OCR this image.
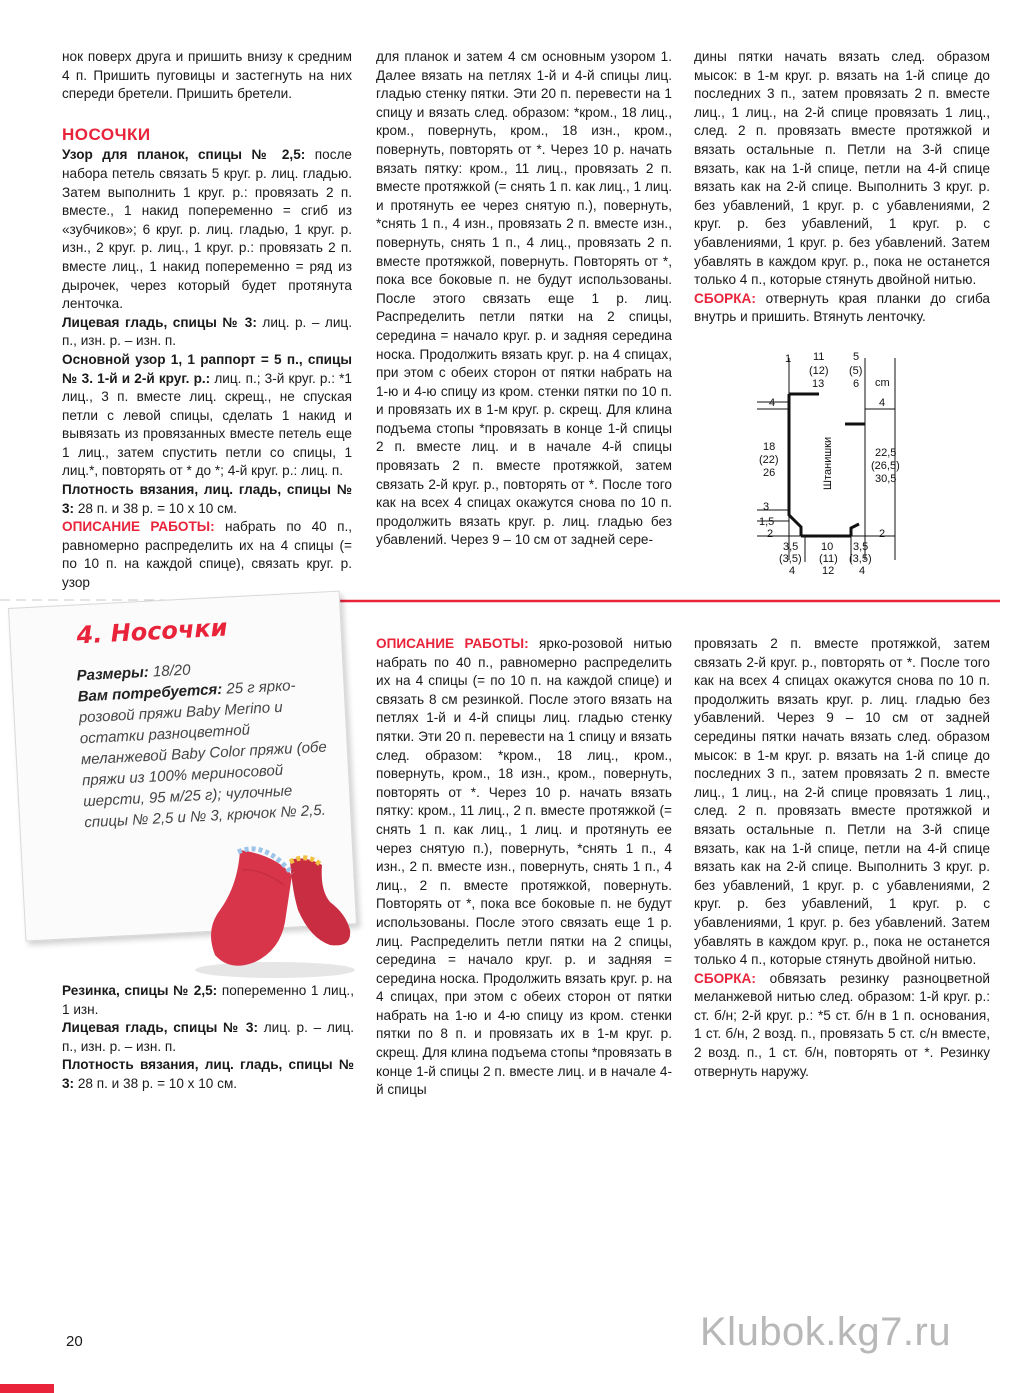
нок поверх друга и пришить внизу к средним 4 п. Пришить пуговицы и застегнуть на них спереди бретели. Пришить бретели.

НОСОЧКИ

Узор для планок, спицы № 2,5: после набора петель связать 5 круг. р. лиц. гладью. Затем выполнить 1 круг. р.: провязать 2 п. вместе., 1 накид попеременно = сгиб из «зубчиков»; 6 круг. р. лиц. гладью, 1 круг. р. изн., 2 круг. р. лиц., 1 круг. р.: провязать 2 п. вместе лиц., 1 накид попеременно = ряд из дырочек, через который будет протянута ленточка.

Лицевая гладь, спицы № 3: лиц. р. – лиц. п., изн. р. – изн. п.

Основной узор 1, 1 раппорт = 5 п., спицы № 3. 1-й и 2-й круг. р.: лиц. п.; 3-й круг. р.: *1 лиц., 3 п. вместе лиц. скрещ., не спуская петли с левой спицы, сделать 1 накид и вывязать из провязанных вместе петель еще 1 лиц., затем спустить петли со спицы, 1 лиц.*, повторять от * до *; 4-й круг. р.: лиц. п.

Плотность вязания, лиц. гладь, спицы № 3: 28 п. и 38 р. = 10 х 10 см.

ОПИСАНИЕ РАБОТЫ: набрать по 40 п., равномерно распределить их на 4 спицы (= по 10 п. на каждой спице), связать круг. р. узор

для планок и затем 4 см основным узором 1. Далее вязать на петлях 1-й и 4-й спицы лиц. гладью стенку пятки. Эти 20 п. перевести на 1 спицу и вязать след. образом: *кром., 18 лиц., кром., повернуть, кром., 18 изн., кром., повернуть, повторять от *. Через 10 р. начать вязать пятку: кром., 11 лиц., провязать 2 п. вместе протяжкой (= снять 1 п. как лиц., 1 лиц. и протянуть ее через снятую п.), повернуть, *снять 1 п., 4 изн., провязать 2 п. вместе изн., повернуть, снять 1 п., 4 лиц., провязать 2 п. вместе протяжкой, повернуть. Повторять от *, пока все боковые п. не будут использованы. После этого связать еще 1 р. лиц. Распределить петли пятки на 2 спицы, середина = начало круг. р. и задняя середина носка. Продолжить вязать круг. р. на 4 спицах, при этом с обеих сторон от пятки набрать на 1-ю и 4-ю спицу из кром. стенки пятки по 10 п. и провязать их в 1-м круг. р. скрещ. Для клина подъема стопы *провязать в конце 1-й спицы 2 п. вместе лиц. и в начале 4-й спицы провязать 2 п. вместе протяжкой, затем связать 2-й круг. р., повторять от *. После того как на всех 4 спицах окажутся снова по 10 п. продолжить вязать круг. р. лиц. гладью без убавлений. Через 9 – 10 см от задней сере-

дины пятки начать вязать след. образом мысок: в 1-м круг. р. вязать на 1-й спице до последних 3 п., затем провязать 2 п. вместе лиц., 1 лиц., на 2-й спице провязать 1 лиц., след. 2 п. провязать вместе протяжкой и вязать остальные п. Петли на 3-й спице вязать, как на 1-й спице, петли на 4-й спице вязать как на 2-й спице. Выполнить 3 круг. р. без убавлений, 1 круг. р. с убавлениями, 2 круг. р. без убавлений, 1 круг. р. с убавлениями, 1 круг. р. без убавлений. Затем убавлять в каждом круг. р., пока не останется только 4 п., которые стянуть двойной нитью.

СБОРКА: отвернуть края планки до сгиба внутрь и пришить. Втянуть ленточку.

1 11
(12)
13
5
(5)
6 cm
4	4
18
(22)
26	Штанишки	22,5
(26,5)
30,5
3
1,5
2	2
3,5
(3,5)
4
10
(11)
12
3,5
(3,5)
4
4. Носочки
Размеры: 18/20
Вам потребуется: 25 г ярко-розовой пряжи Baby Merino и остатки разноцветной меланжевой Baby Color пряжи (обе пряжи из 100% мериносовой шерсти, 95 м/25 г); чулочные спицы № 2,5 и № 3, крючок № 2,5.

Резинка, спицы № 2,5: попеременно 1 лиц., 1 изн.

Лицевая гладь, спицы № 3: лиц. р. – лиц. п., изн. р. – изн. п.

Плотность вязания, лиц. гладь, спицы № 3: 28 п. и 38 р. = 10 х 10 см.

ОПИСАНИЕ РАБОТЫ: ярко-розовой нитью набрать по 40 п., равномерно распределить их на 4 спицы (= по 10 п. на каждой спице) и связать 8 см резинкой. После этого вязать на петлях 1-й и 4-й спицы лиц. гладью стенку пятки. Эти 20 п. перевести на 1 спицу и вязать след. образом: *кром., 18 лиц., кром., повернуть, кром., 18 изн., кром., повернуть, повторять от *. Через 10 р. начать вязать пятку: кром., 11 лиц., 2 п. вместе протяжкой (= снять 1 п. как лиц., 1 лиц. и протянуть ее через снятую п.), повернуть, *снять 1 п., 4 изн., 2 п. вместе изн., повернуть, снять 1 п., 4 лиц., 2 п. вместе протяжкой, повернуть. Повторять от *, пока все боковые п. не будут использованы. После этого связать еще 1 р. лиц. Распределить петли пятки на 2 спицы, середина = начало круг. р. и задняя = середина носка. Продолжить вязать круг. р. на 4 спицах, при этом с обеих сторон от пятки набрать на 1-ю и 4-ю спицу из кром. стенки пятки по 8 п. и провязать их в 1-м круг. р. скрещ. Для клина подъема стопы *провязать в конце 1-й спицы 2 п. вместе лиц. и в начале 4-й спицы

провязать 2 п. вместе протяжкой, затем связать 2-й круг. р., повторять от *. После того как на всех 4 спицах окажутся снова по 10 п. продолжить вязать круг. р. лиц. гладью без убавлений. Через 9 – 10 см от задней середины пятки начать вязать след. образом мысок: в 1-м круг. р. вязать на 1-й спице до последних 3 п., затем провязать 2 п. вместе лиц., 1 лиц., на 2-й спице провязать 1 лиц., след. 2 п. провязать вместе протяжкой и вязать остальные п. Петли на 3-й спице вязать, как на 1-й спице, петли на 4-й спице вязать как на 2-й спице. Выполнить 3 круг. р. без убавлений, 1 круг. р. с убавлениями, 2 круг. р. без убавлений, 1 круг. р. с убавлениями, 1 круг. р. без убавлений. Затем убавлять в каждом круг. р., пока не останется только 4 п., которые стянуть двойной нитью.

СБОРКА: обвязать резинку разноцветной меланжевой нитью след. образом: 1-й круг. р.: ст. б/н; 2-й круг. р.: *5 ст. б/н в 1 п. основания, 1 ст. б/н, 2 возд. п., провязать 5 ст. с/н вместе, 2 возд. п., 1 ст. б/н, повторять от *. Резинку отвернуть наружу.

20	Klubok.kg7.ru
